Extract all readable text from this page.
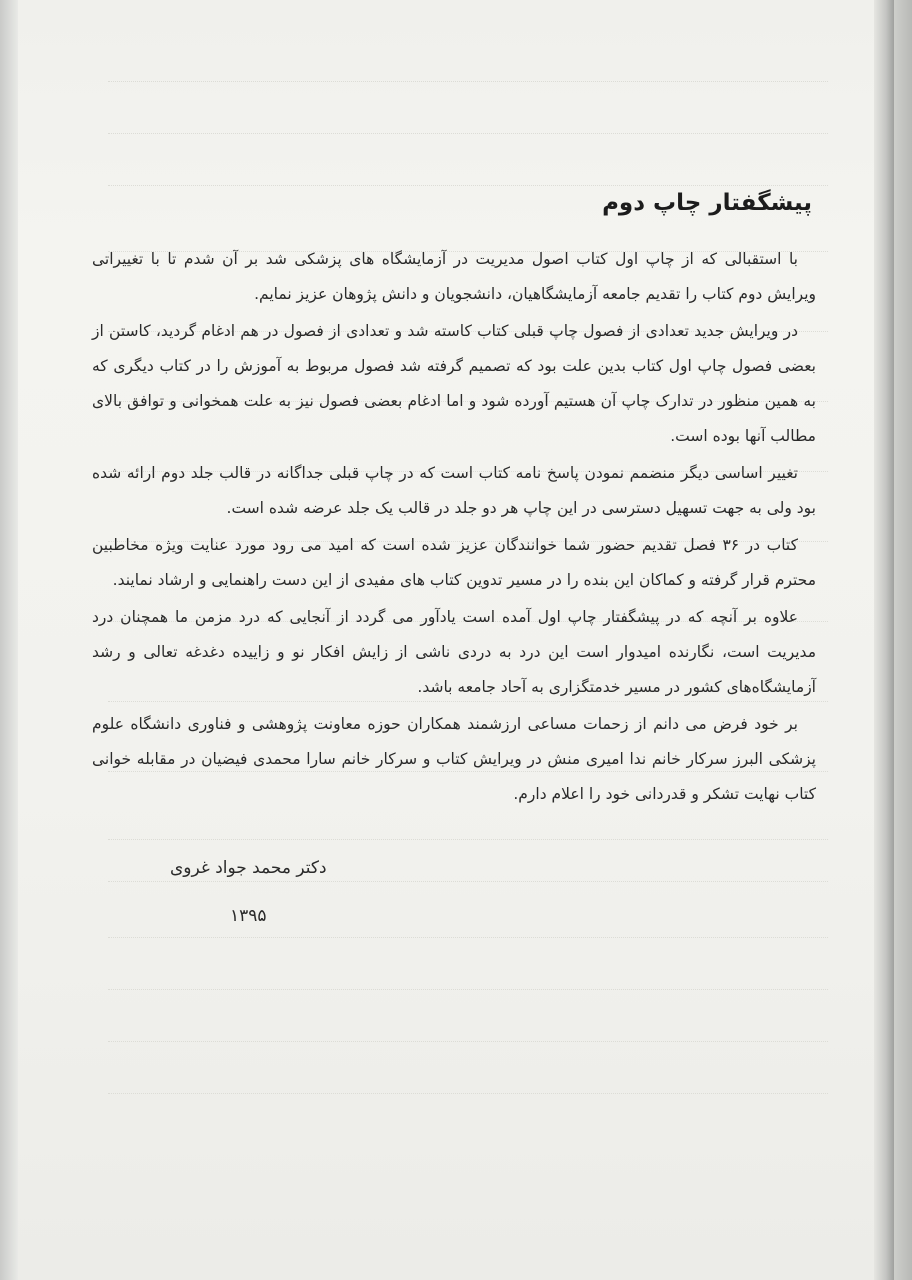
پیشگفتار چاپ دوم

با استقبالی که از چاپ اول کتاب اصول مدیریت در آزمایشگاه های پزشکی شد بر آن شدم تا با تغییراتی ویرایش دوم کتاب را تقدیم جامعه آزمایشگاهیان، دانشجویان و دانش پژوهان عزیز نمایم.

در ویرایش جدید تعدادی از فصول چاپ قبلی کتاب کاسته شد و تعدادی از فصول در هم ادغام گردید، کاستن از بعضی فصول چاپ اول کتاب بدین علت بود که تصمیم گرفته شد فصول مربوط به آموزش را در کتاب دیگری که به همین منظور در تدارک چاپ آن هستیم آورده شود و اما ادغام بعضی فصول نیز به علت همخوانی و توافق بالای مطالب آنها بوده است.

تغییر اساسی دیگر منضمم نمودن پاسخ نامه کتاب است که در چاپ قبلی جداگانه در قالب جلد دوم ارائه شده بود ولی به جهت تسهیل دسترسی در این چاپ هر دو جلد در قالب یک جلد عرضه شده است.

کتاب در ۳۶ فصل تقدیم حضور شما خوانندگان عزیز شده است که امید می رود مورد عنایت ویژه مخاطبین محترم قرار گرفته و کماکان این بنده را در مسیر تدوین کتاب های مفیدی از این دست راهنمایی و ارشاد نمایند.

علاوه بر آنچه که در پیشگفتار چاپ اول آمده است یادآور می گردد از آنجایی که درد مزمن ما همچنان درد مدیریت است، نگارنده امیدوار است این درد به دردی ناشی از زایش افکار نو و زاییده دغدغه تعالی و رشد آزمایشگاه‌های کشور در مسیر خدمتگزاری به آحاد جامعه باشد.

بر خود فرض می دانم از زحمات مساعی ارزشمند همکاران حوزه معاونت پژوهشی و فناوری دانشگاه علوم پزشکی البرز سرکار خانم ندا امیری منش در ویرایش کتاب و سرکار خانم سارا محمدی فیضیان در مقابله خوانی کتاب نهایت تشکر و قدردانی خود را اعلام دارم.

دکتر محمد جواد غروی
۱۳۹۵
